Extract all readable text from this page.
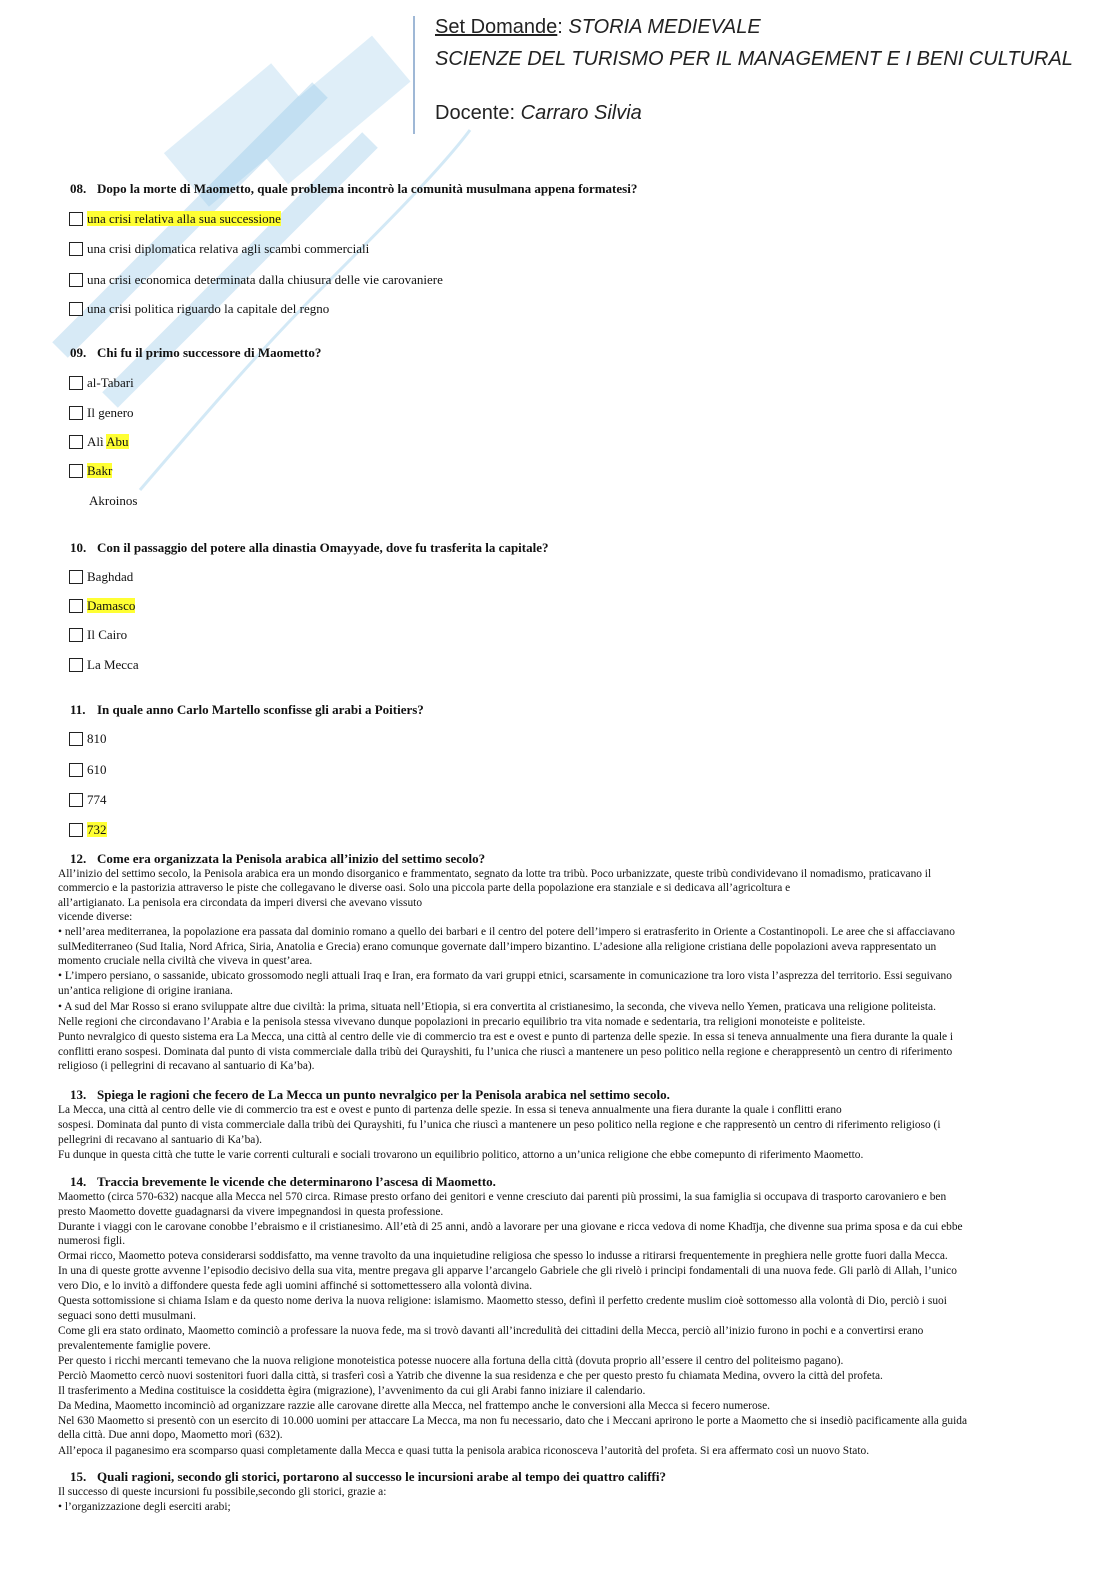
Set Domande: STORIA MEDIEVALE
SCIENZE DEL TURISMO PER IL MANAGEMENT E I BENI CULTURAL
Docente: Carraro Silvia
08. Dopo la morte di Maometto, quale problema incontrò la comunità musulmana appena formatesi?
una crisi relativa alla sua successione
una crisi diplomatica relativa agli scambi commerciali
una crisi economica determinata dalla chiusura delle vie carovaniere
una crisi politica riguardo la capitale del regno
09. Chi fu il primo successore di Maometto?
al-Tabari
Il genero
Alì Abu
Bakr
Akroinos
10. Con il passaggio del potere alla dinastia Omayyade, dove fu trasferita la capitale?
Baghdad
Damasco
Il Cairo
La Mecca
11. In quale anno Carlo Martello sconfisse gli arabi a Poitiers?
810
610
774
732
12. Come era organizzata la Penisola arabica all’inizio del settimo secolo?
All’inizio del settimo secolo, la Penisola arabica era un mondo disorganico e frammentato, segnato da lotte tra tribù. Poco urbanizzate, queste tribù condividevano il nomadismo, praticavano il
commercio e la pastorizia attraverso le piste che collegavano le diverse oasi. Solo una piccola parte della popolazione era stanziale e si dedicava all’agricoltura e
all’artigianato. La penisola era circondata da imperi diversi che avevano vissuto
vicende diverse:
• nell’area mediterranea, la popolazione era passata dal dominio romano a quello dei barbari e il centro del potere dell’impero si eratrasferito in Oriente a Costantinopoli. Le aree che si affacciavano
sulMediterraneo (Sud Italia, Nord Africa, Siria, Anatolia e Grecia) erano comunque governate dall’impero bizantino. L’adesione alla religione cristiana delle popolazioni aveva rappresentato un
momento cruciale nella civiltà che viveva in quest’area.
• L’impero persiano, o sassanide, ubicato grossomodo negli attuali Iraq e Iran, era formato da vari gruppi etnici, scarsamente in comunicazione tra loro vista l’asprezza del territorio. Essi seguivano
un’antica religione di origine iraniana.
• A sud del Mar Rosso si erano sviluppate altre due civiltà: la prima, situata nell’Etiopia, si era convertita al cristianesimo, la seconda, che viveva nello Yemen, praticava una religione politeista.
Nelle regioni che circondavano l’Arabia e la penisola stessa vivevano dunque popolazioni in precario equilibrio tra vita nomade e sedentaria, tra religioni monoteiste e politeiste.
Punto nevralgico di questo sistema era La Mecca, una città al centro delle vie di commercio tra est e ovest e punto di partenza delle spezie. In essa si teneva annualmente una fiera durante la quale i
conflitti erano sospesi. Dominata dal punto di vista commerciale dalla tribù dei Qurayshiti, fu l’unica che riuscì a mantenere un peso politico nella regione e cherappresentò un centro di riferimento
religioso (i pellegrini di recavano al santuario di Ka’ba).
13. Spiega le ragioni che fecero de La Mecca un punto nevralgico per la Penisola arabica nel settimo secolo.
La Mecca, una città al centro delle vie di commercio tra est e ovest e punto di partenza delle spezie. In essa si teneva annualmente una fiera durante la quale i conflitti erano
sospesi. Dominata dal punto di vista commerciale dalla tribù dei Qurayshiti, fu l’unica che riuscì a mantenere un peso politico nella regione e che rappresentò un centro di riferimento religioso (i
pellegrini di recavano al santuario di Ka’ba).
Fu dunque in questa città che tutte le varie correnti culturali e sociali trovarono un equilibrio politico, attorno a un’unica religione che ebbe comepunto di riferimento Maometto.
14. Traccia brevemente le vicende che determinarono l’ascesa di Maometto.
Maometto (circa 570-632) nacque alla Mecca nel 570 circa. Rimase presto orfano dei genitori e venne cresciuto dai parenti più prossimi, la sua famiglia si occupava di trasporto carovaniero e ben
presto Maometto dovette guadagnarsi da vivere impegnandosi in questa professione.
Durante i viaggi con le carovane conobbe l’ebraismo e il cristianesimo. All’età di 25 anni, andò a lavorare per una giovane e ricca vedova di nome Khadīja, che divenne sua prima sposa e da cui ebbe
numerosi figli.
Ormai ricco, Maometto poteva considerarsi soddisfatto, ma venne travolto da una inquietudine religiosa che spesso lo indusse a ritirarsi frequentemente in preghiera nelle grotte fuori dalla Mecca.
In una di queste grotte avvenne l’episodio decisivo della sua vita, mentre pregava gli apparve l’arcangelo Gabriele che gli rivelò i principi fondamentali di una nuova fede. Gli parlò di Allah, l’unico
vero Dio, e lo invitò a diffondere questa fede agli uomini affinché si sottomettessero alla volontà divina.
Questa sottomissione si chiama Islam e da questo nome deriva la nuova religione: islamismo. Maometto stesso, definì il perfetto credente muslim cioè sottomesso alla volontà di Dio, perciò i suoi
seguaci sono detti musulmani.
Come gli era stato ordinato, Maometto cominciò a professare la nuova fede, ma si trovò davanti all’incredulità dei cittadini della Mecca, perciò all’inizio furono in pochi e a convertirsi erano
prevalentemente famiglie povere.
Per questo i ricchi mercanti temevano che la nuova religione monoteistica potesse nuocere alla fortuna della città (dovuta proprio all’essere il centro del politeismo pagano).
Perciò Maometto cercò nuovi sostenitori fuori dalla città, si trasferì così a Yatrib che divenne la sua residenza e che per questo presto fu chiamata Medina, ovvero la città del profeta.
Il trasferimento a Medina costituisce la cosiddetta ègira (migrazione), l’avvenimento da cui gli Arabi fanno iniziare il calendario.
Da Medina, Maometto incominciò ad organizzare razzie alle carovane dirette alla Mecca, nel frattempo anche le conversioni alla Mecca si fecero numerose.
Nel 630 Maometto si presentò con un esercito di 10.000 uomini per attaccare La Mecca, ma non fu necessario, dato che i Meccani aprirono le porte a Maometto che si insediò pacificamente alla guida
della città. Due anni dopo, Maometto morì (632).
All’epoca il paganesimo era scomparso quasi completamente dalla Mecca e quasi tutta la penisola arabica riconosceva l’autorità del profeta. Si era affermato così un nuovo Stato.
15. Quali ragioni, secondo gli storici, portarono al successo le incursioni arabe al tempo dei quattro califfi?
Il successo di queste incursioni fu possibile,secondo gli storici, grazie a:
• l’organizzazione degli eserciti arabi;
